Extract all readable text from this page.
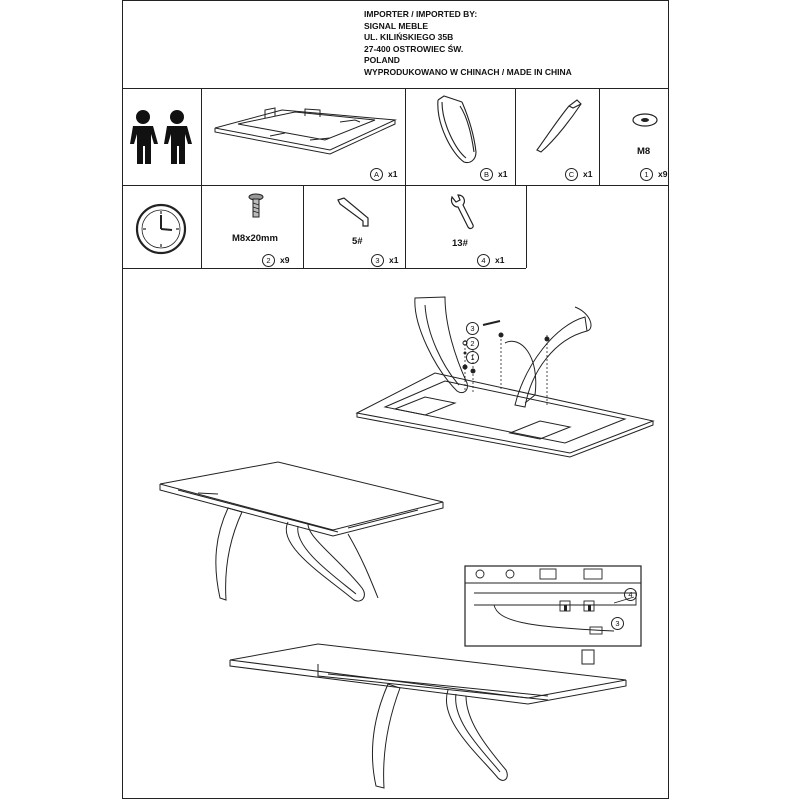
IMPORTER / IMPORTED BY:
SIGNAL MEBLE
UL. KILIŃSKIEGO 35B
27-400 OSTROWIEC ŚW.
POLAND
WYPRODUKOWANO W CHINACH / MADE IN CHINA
A x1	B x1	C x1
M8
1 x9
M8x20mm
2 x9
5#
3 x1
13#
4 x1
3
2
1
4
3
